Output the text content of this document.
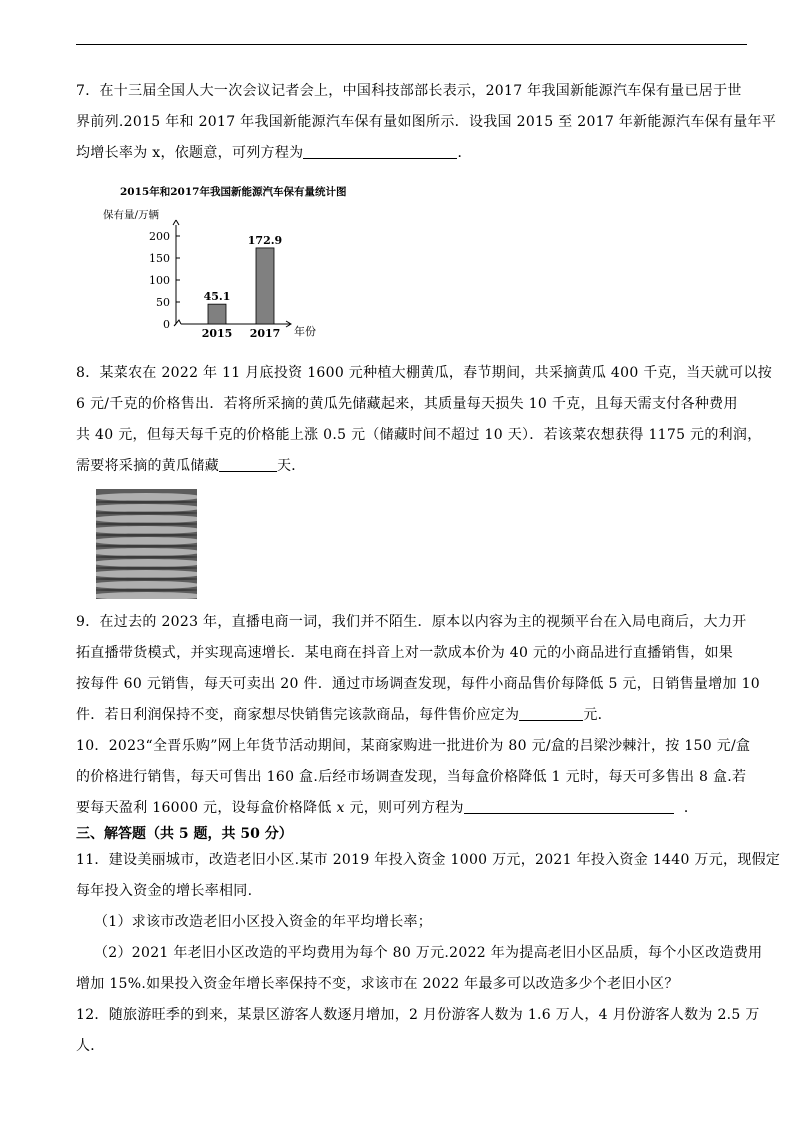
7．在十三届全国人大一次会议记者会上，中国科技部部长表示，2017 年我国新能源汽车保有量已居于世
界前列.2015 年和 2017 年我国新能源汽车保有量如图所示．设我国 2015 至 2017 年新能源汽车保有量年平
均增长率为 x，依题意，可列方程为	．
2015年和2017年我国新能源汽车保有量统计图
保有量/万辆
年份
0
50
100
150
200
45.1
2015
172.9
2017
8．某菜农在 2022 年 11 月底投资 1600 元种植大棚黄瓜，春节期间，共采摘黄瓜 400 千克，当天就可以按
6 元/千克的价格售出．若将所采摘的黄瓜先储藏起来，其质量每天损失 10 千克，且每天需支付各种费用
共 40 元，但每天每千克的价格能上涨 0.5 元（储藏时间不超过 10 天）．若该菜农想获得 1175 元的利润，
需要将采摘的黄瓜储藏	天．
9．在过去的 2023 年，直播电商一词，我们并不陌生．原本以内容为主的视频平台在入局电商后，大力开
拓直播带货模式，并实现高速增长．某电商在抖音上对一款成本价为 40 元的小商品进行直播销售，如果
按每件 60 元销售，每天可卖出 20 件．通过市场调查发现，每件小商品售价每降低 5 元，日销售量增加 10
件．若日利润保持不变，商家想尽快销售完该款商品，每件售价应定为	元．
10．2023“全晋乐购”网上年货节活动期间，某商家购进一批进价为 80 元/盒的吕梁沙棘汁，按 150 元/盒
的价格进行销售，每天可售出 160 盒.后经市场调查发现，当每盒价格降低 1 元时，每天可多售出 8 盒.若
要每天盈利 16000 元，设每盒价格降低 x 元，则可列方程为	．
三、解答题（共 5 题，共 50 分）
11．建设美丽城市，改造老旧小区.某市 2019 年投入资金 1000 万元，2021 年投入资金 1440 万元，现假定
每年投入资金的增长率相同.
（1）求该市改造老旧小区投入资金的年平均增长率；
（2）2021 年老旧小区改造的平均费用为每个 80 万元.2022 年为提高老旧小区品质，每个小区改造费用
增加 15%.如果投入资金年增长率保持不变，求该市在 2022 年最多可以改造多少个老旧小区？
12．随旅游旺季的到来，某景区游客人数逐月增加，2 月份游客人数为 1.6 万人，4 月份游客人数为 2.5 万
人．
